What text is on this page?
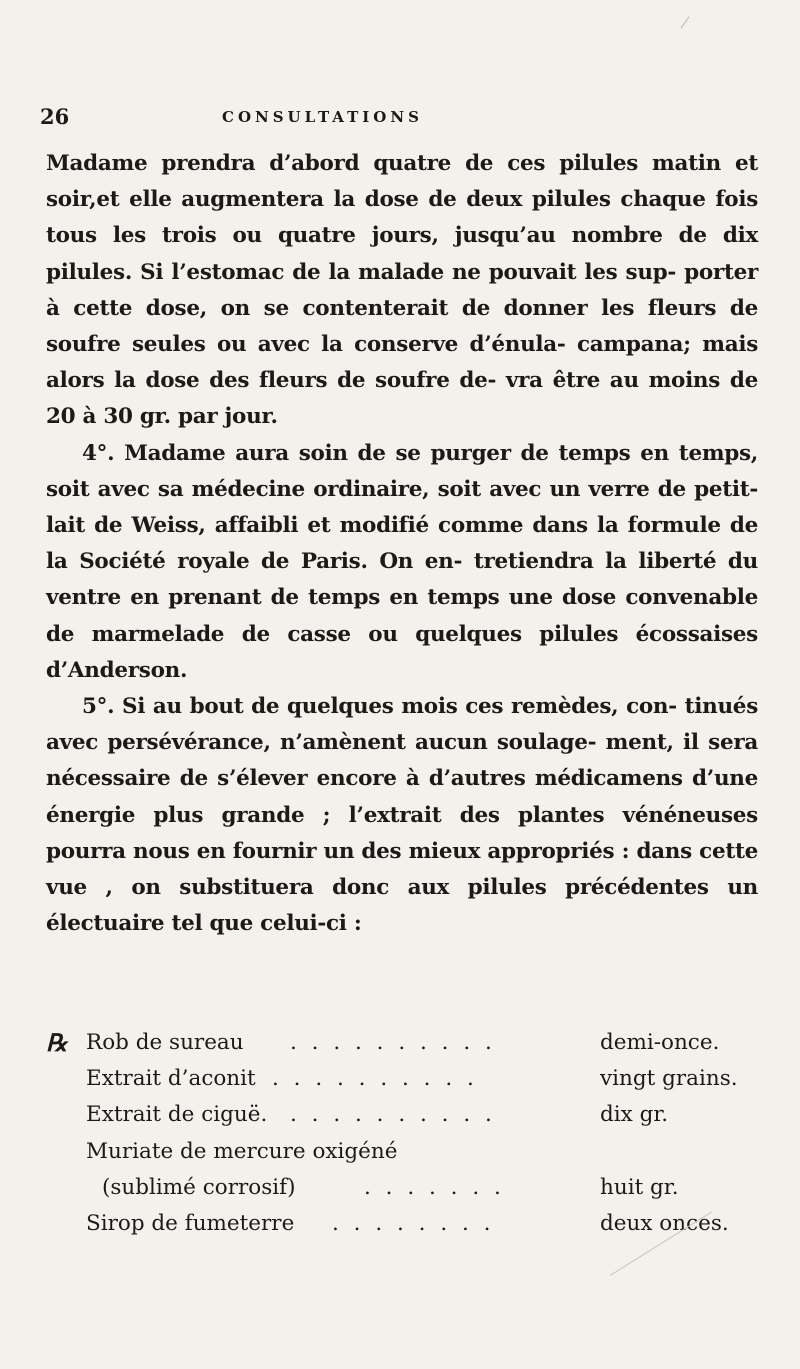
26	CONSULTATIONS

Madame prendra d’abord quatre de ces pilules matin et soir,et elle augmentera la dose de deux pilules chaque fois tous les trois ou quatre jours, jusqu’au nombre de dix pilules. Si l’estomac de la malade ne pouvait les sup- porter à cette dose, on se contenterait de donner les fleurs de soufre seules ou avec la conserve d’énula- campana; mais alors la dose des fleurs de soufre de- vra être au moins de 20 à 30 gr. par jour.

4°. Madame aura soin de se purger de temps en temps, soit avec sa médecine ordinaire, soit avec un verre de petit-lait de Weiss, affaibli et modifié comme dans la formule de la Société royale de Paris. On en- tretiendra la liberté du ventre en prenant de temps en temps une dose convenable de marmelade de casse ou quelques pilules écossaises d’Anderson.

5°. Si au bout de quelques mois ces remèdes, con- tinués avec persévérance, n’amènent aucun soulage- ment, il sera nécessaire de s’élever encore à d’autres médicamens d’une énergie plus grande ; l’extrait des plantes vénéneuses pourra nous en fournir un des mieux appropriés : dans cette vue , on substituera donc aux pilules précédentes un électuaire tel que celui-ci :

℞ Rob de sureau . . . . . . . . . .	demi-once.
Extrait d’aconit . . . . . . . . . .	vingt grains.
Extrait de ciguë. . . . . . . . . . .	dix gr.
Muriate de mercure oxigéné
(sublimé corrosif)	. . . . . . .	huit gr.
Sirop de fumeterre . . . . . . . .	deux onces.
